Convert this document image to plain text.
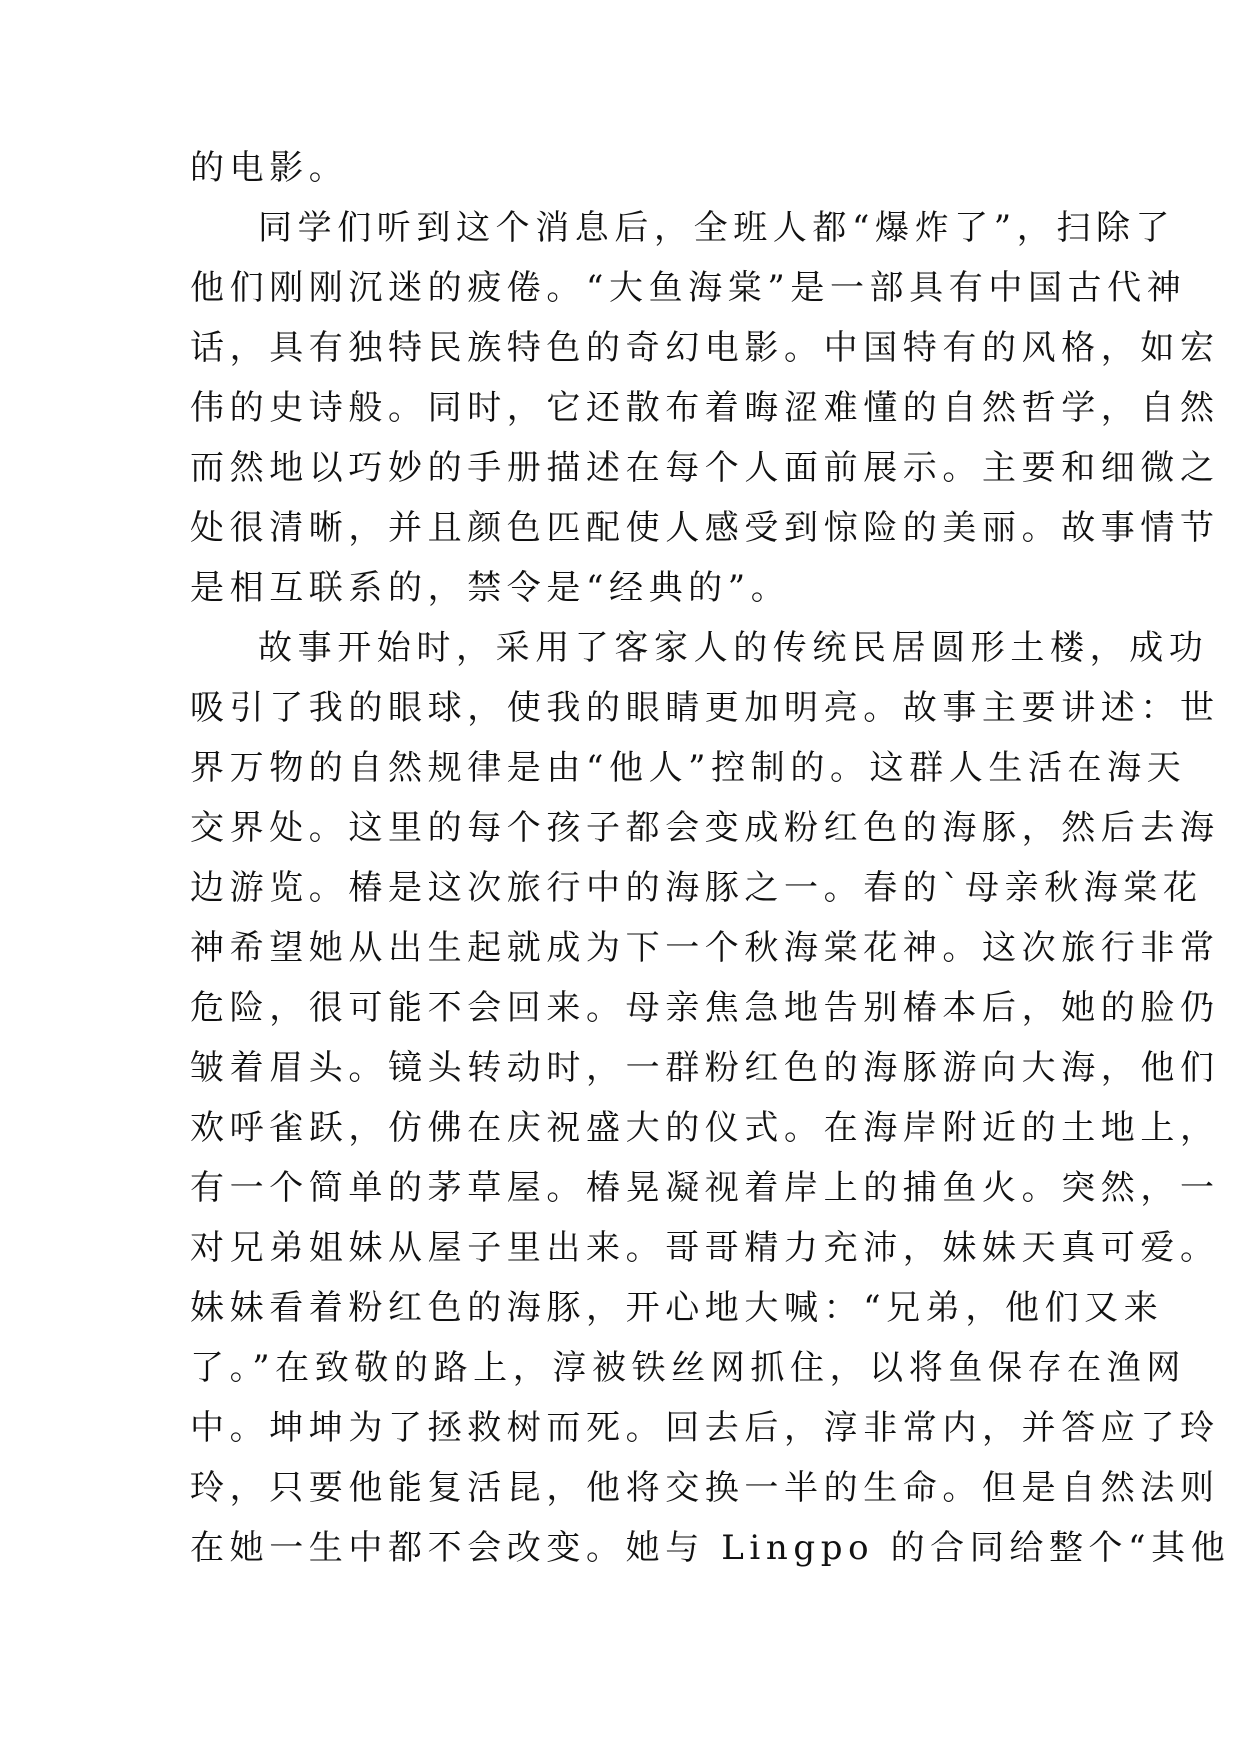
的电影。
同学们听到这个消息后，全班人都“爆炸了”，扫除了
他们刚刚沉迷的疲倦。“大鱼海棠”是一部具有中国古代神
话，具有独特民族特色的奇幻电影。中国特有的风格，如宏
伟的史诗般。同时，它还散布着晦涩难懂的自然哲学，自然
而然地以巧妙的手册描述在每个人面前展示。主要和细微之
处很清晰，并且颜色匹配使人感受到惊险的美丽。故事情节
是相互联系的，禁令是“经典的”。
故事开始时，采用了客家人的传统民居圆形土楼，成功
吸引了我的眼球，使我的眼睛更加明亮。故事主要讲述：世
界万物的自然规律是由“他人”控制的。这群人生活在海天
交界处。这里的每个孩子都会变成粉红色的海豚，然后去海
边游览。椿是这次旅行中的海豚之一。春的`母亲秋海棠花
神希望她从出生起就成为下一个秋海棠花神。这次旅行非常
危险，很可能不会回来。母亲焦急地告别椿本后，她的脸仍
皱着眉头。镜头转动时，一群粉红色的海豚游向大海，他们
欢呼雀跃，仿佛在庆祝盛大的仪式。在海岸附近的土地上，
有一个简单的茅草屋。椿晃凝视着岸上的捕鱼火。突然，一
对兄弟姐妹从屋子里出来。哥哥精力充沛，妹妹天真可爱。
妹妹看着粉红色的海豚，开心地大喊：“兄弟，他们又来
了。”在致敬的路上，淳被铁丝网抓住，以将鱼保存在渔网
中。坤坤为了拯救树而死。回去后，淳非常内，并答应了玲
玲，只要他能复活昆，他将交换一半的生命。但是自然法则
在她一生中都不会改变。她与 Lingpo 的合同给整个“其他
